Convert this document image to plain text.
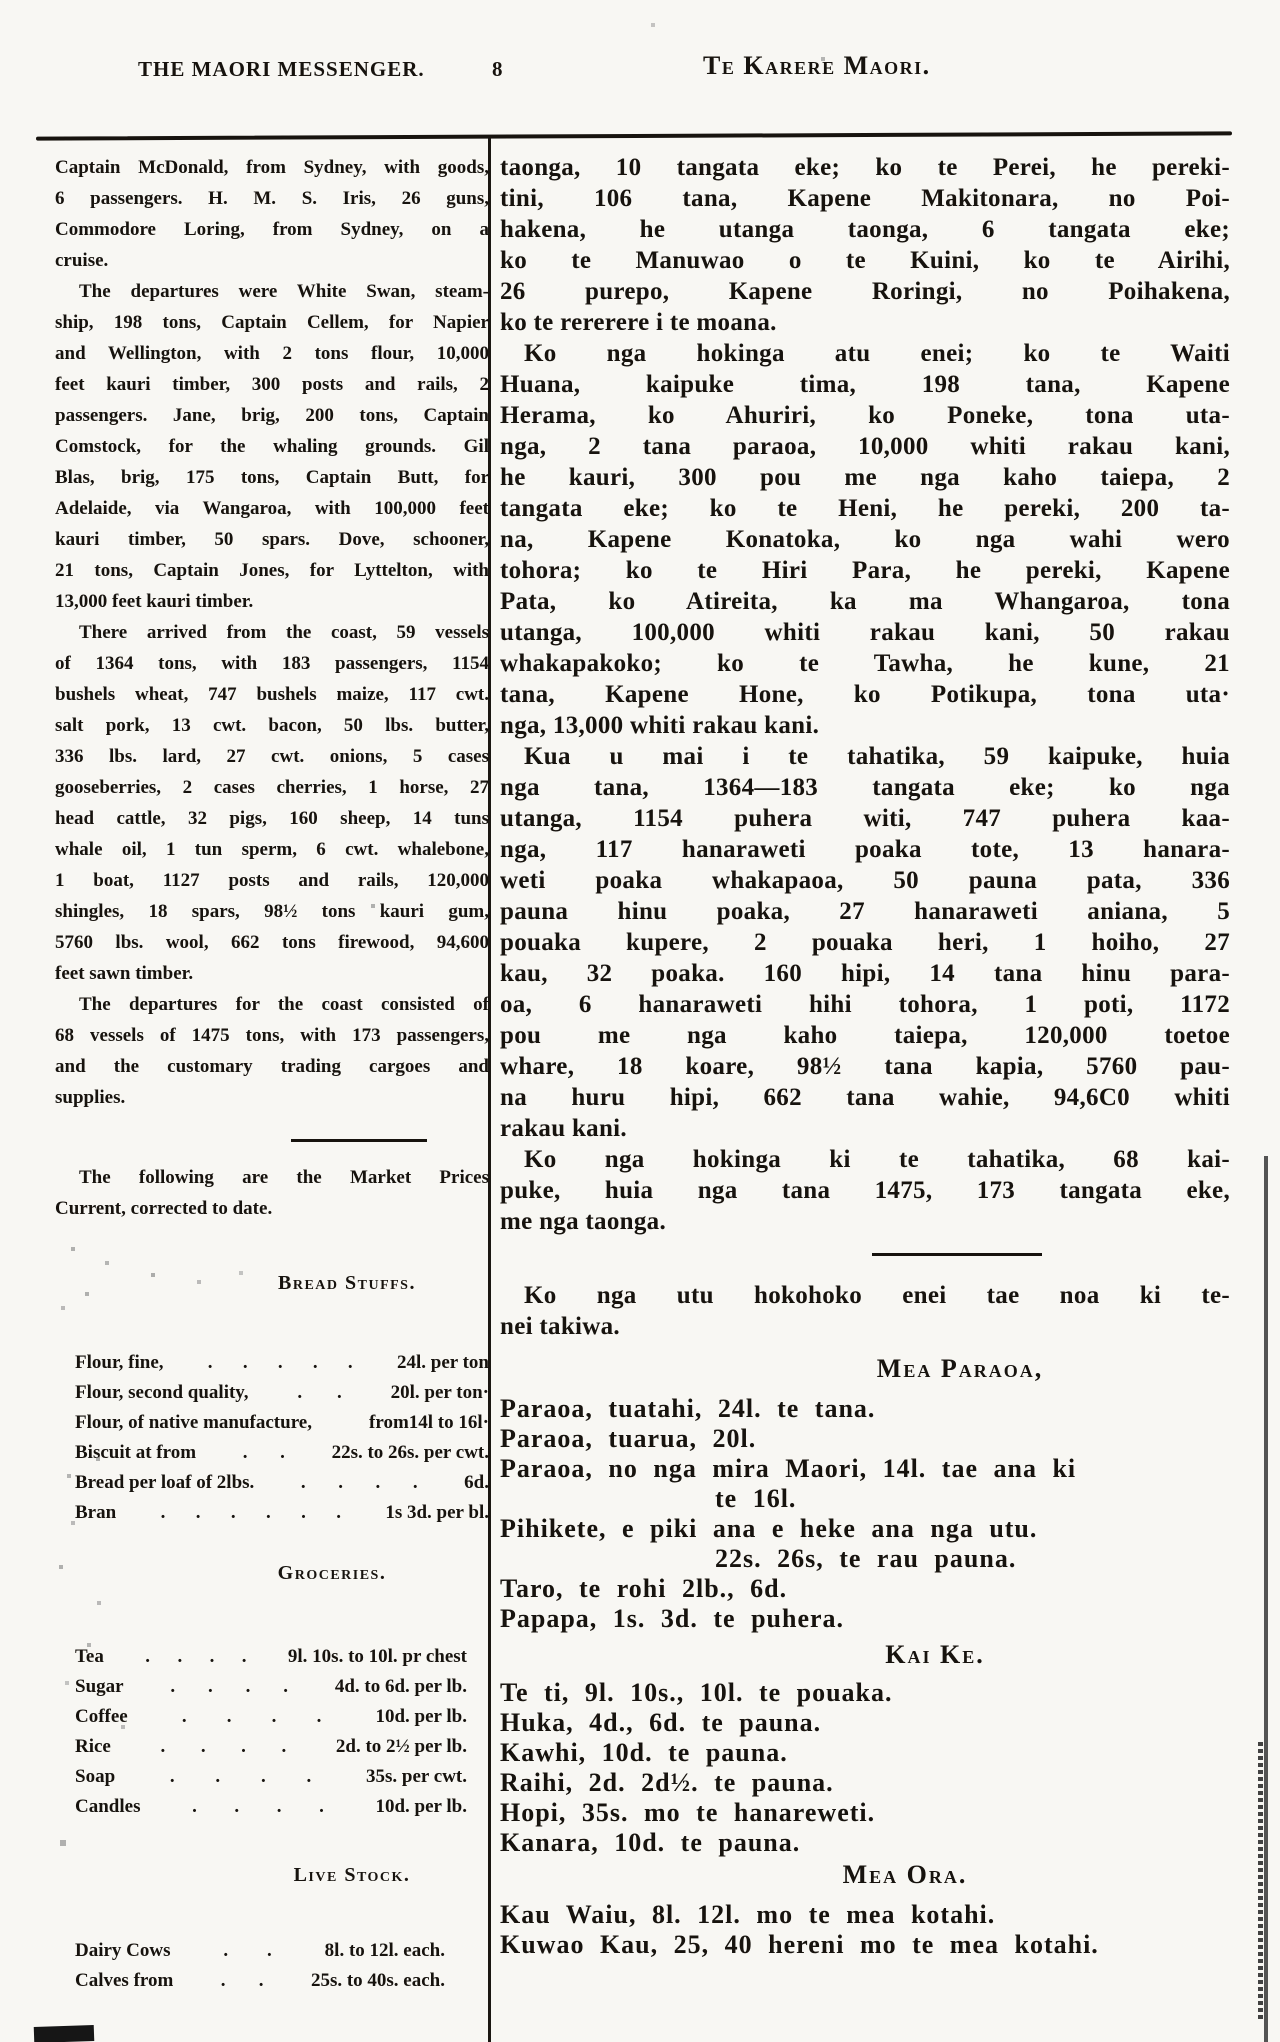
THE MAORI MESSENGER.	8	Te Karere Maori.
Captain McDonald, from Sydney, with goods,
6 passengers. H. M. S. Iris, 26 guns,
Commodore Loring, from Sydney, on a
cruise.
The departures were White Swan, steam-
ship, 198 tons, Captain Cellem, for Napier
and Wellington, with 2 tons flour, 10,000
feet kauri timber, 300 posts and rails, 2
passengers. Jane, brig, 200 tons, Captain
Comstock, for the whaling grounds. Gil
Blas, brig, 175 tons, Captain Butt, for
Adelaide, via Wangaroa, with 100,000 feet
kauri timber, 50 spars. Dove, schooner,
21 tons, Captain Jones, for Lyttelton, with
13,000 feet kauri timber.
There arrived from the coast, 59 vessels
of 1364 tons, with 183 passengers, 1154
bushels wheat, 747 bushels maize, 117 cwt.
salt pork, 13 cwt. bacon, 50 lbs. butter,
336 lbs. lard, 27 cwt. onions, 5 cases
gooseberries, 2 cases cherries, 1 horse, 27
head cattle, 32 pigs, 160 sheep, 14 tuns
whale oil, 1 tun sperm, 6 cwt. whalebone,
1 boat, 1127 posts and rails, 120,000
shingles, 18 spars, 98½ tons kauri gum,
5760 lbs. wool, 662 tons firewood, 94,600
feet sawn timber.
The departures for the coast consisted of
68 vessels of 1475 tons, with 173 passengers,
and the customary trading cargoes and
supplies.
The following are the Market Prices
Current, corrected to date.
Bread Stuffs.
Flour, fine, . . . . . 24l. per ton
Flour, second quality,	. .	20l. per ton·
Flour, of native manufacture,	from14l to 16l·
Biscuit at from . . 22s. to 26s. per cwt.
Bread per loaf of 2lbs. . . . . 6d.
Bran . . . . . . 1s 3d. per bl.
Groceries.
Tea . . . . 9l. 10s. to 10l. pr chest
Sugar . . . . 4d. to 6d. per lb.
Coffee	. . . .	10d. per lb.
Rice	. . . .	2d. to 2½ per lb.
Soap	. . . .	35s. per cwt.
Candles	. . . .	10d. per lb.
Live Stock.
Dairy Cows	. .	8l. to 12l. each.
Calves from . . 25s. to 40s. each.
taonga, 10 tangata eke; ko te Perei, he pereki-
tini, 106 tana, Kapene Makitonara, no Poi-
hakena, he utanga taonga, 6 tangata eke;
ko te Manuwao o te Kuini, ko te Airihi,
26 purepo, Kapene Roringi, no Poihakena,
ko te rererere i te moana.
Ko nga hokinga atu enei; ko te Waiti
Huana, kaipuke tima, 198 tana, Kapene
Herama, ko Ahuriri, ko Poneke, tona uta-
nga, 2 tana paraoa, 10,000 whiti rakau kani,
he kauri, 300 pou me nga kaho taiepa, 2
tangata eke; ko te Heni, he pereki, 200 ta-
na, Kapene Konatoka, ko nga wahi wero
tohora; ko te Hiri Para, he pereki, Kapene
Pata, ko Atireita, ka ma Whangaroa, tona
utanga, 100,000 whiti rakau kani, 50 rakau
whakapakoko; ko te Tawha, he kune, 21
tana, Kapene Hone, ko Potikupa, tona uta·
nga, 13,000 whiti rakau kani.
Kua u mai i te tahatika, 59 kaipuke, huia
nga tana, 1364—183 tangata eke; ko nga
utanga, 1154 puhera witi, 747 puhera kaa-
nga, 117 hanaraweti poaka tote, 13 hanara-
weti poaka whakapaoa, 50 pauna pata, 336
pauna hinu poaka, 27 hanaraweti aniana, 5
pouaka kupere, 2 pouaka heri, 1 hoiho, 27
kau, 32 poaka. 160 hipi, 14 tana hinu para-
oa, 6 hanaraweti hihi tohora, 1 poti, 1172
pou me nga kaho taiepa, 120,000 toetoe
whare, 18 koare, 98½ tana kapia, 5760 pau-
na huru hipi, 662 tana wahie, 94,6C0 whiti
rakau kani.
Ko nga hokinga ki te tahatika, 68 kai-
puke, huia nga tana 1475, 173 tangata eke,
me nga taonga.
Ko nga utu hokohoko enei tae noa ki te-
nei takiwa.
Mea Paraoa,
Paraoa, tuatahi, 24l. te tana.
Paraoa, tuarua, 20l.
Paraoa, no nga mira Maori, 14l. tae ana ki
te 16l.
Pihikete, e piki ana e heke ana nga utu.
22s. 26s, te rau pauna.
Taro, te rohi 2lb., 6d.
Papapa, 1s. 3d. te puhera.
Kai Ke.
Te ti, 9l. 10s., 10l. te pouaka.
Huka, 4d., 6d. te pauna.
Kawhi, 10d. te pauna.
Raihi, 2d. 2d½. te pauna.
Hopi, 35s. mo te hanareweti.
Kanara, 10d. te pauna.
Mea Ora.
Kau Waiu, 8l. 12l. mo te mea kotahi.
Kuwao Kau, 25, 40 hereni mo te mea kotahi.
